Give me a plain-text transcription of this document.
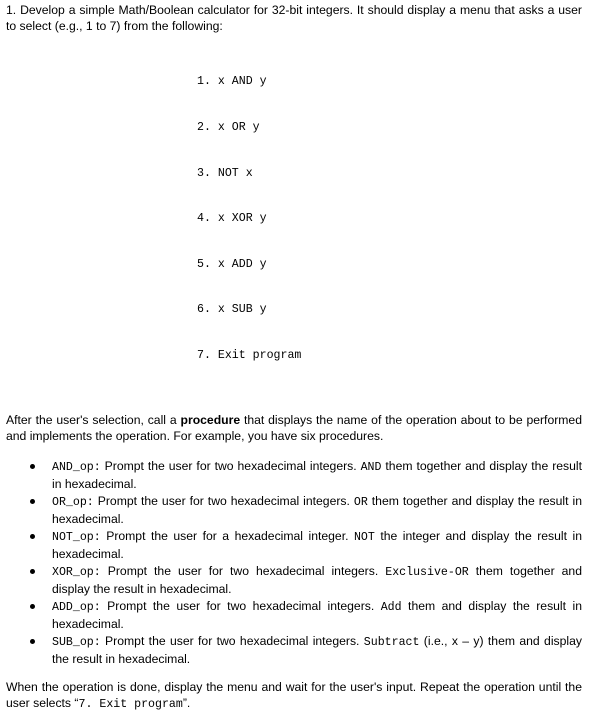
1. Develop a simple Math/Boolean calculator for 32-bit integers. It should display a menu that asks a user to select (e.g., 1 to 7) from the following:

1. x AND y

2. x OR y

3. NOT x

4. x XOR y

5. x ADD y

6. x SUB y

7. Exit program

After the user's selection, call a procedure that displays the name of the operation about to be performed and implements the operation. For example, you have six procedures.

AND_op: Prompt the user for two hexadecimal integers. AND them together and display the result in hexadecimal.
OR_op: Prompt the user for two hexadecimal integers. OR them together and display the result in hexadecimal.
NOT_op: Prompt the user for a hexadecimal integer. NOT the integer and display the result in hexadecimal.
XOR_op: Prompt the user for two hexadecimal integers. Exclusive-OR them together and display the result in hexadecimal.
ADD_op: Prompt the user for two hexadecimal integers. Add them and display the result in hexadecimal.
SUB_op: Prompt the user for two hexadecimal integers. Subtract (i.e., x – y) them and display the result in hexadecimal.

When the operation is done, display the menu and wait for the user's input. Repeat the operation until the user selects “7. Exit program”.
